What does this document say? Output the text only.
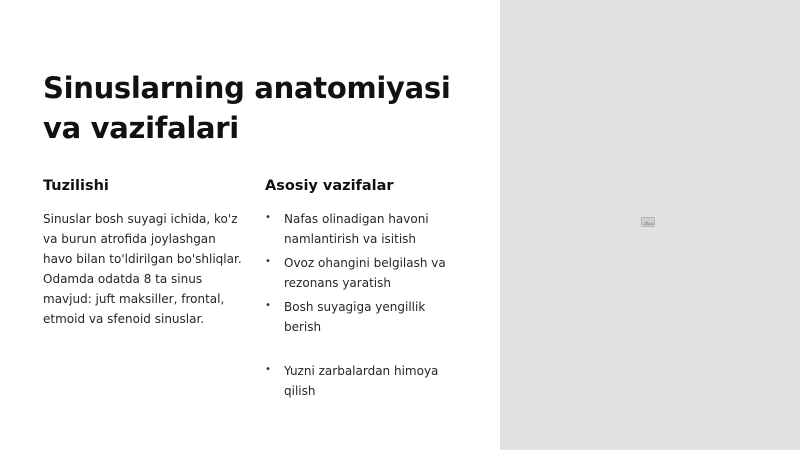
Sinuslarning anatomiyasi va vazifalari
Tuzilishi

Sinuslar bosh suyagi ichida, ko'z va burun atrofida joylashgan havo bilan to'ldirilgan bo'shliqlar. Odamda odatda 8 ta sinus mavjud: juft maksiller, frontal, etmoid va sfenoid sinuslar.

Asosiy vazifalar
• Nafas olinadigan havoni namlantirish va isitish
• Ovoz ohangini belgilash va rezonans yaratish
• Bosh suyagiga yengillik berish
• Yuzni zarbalardan himoya qilish
